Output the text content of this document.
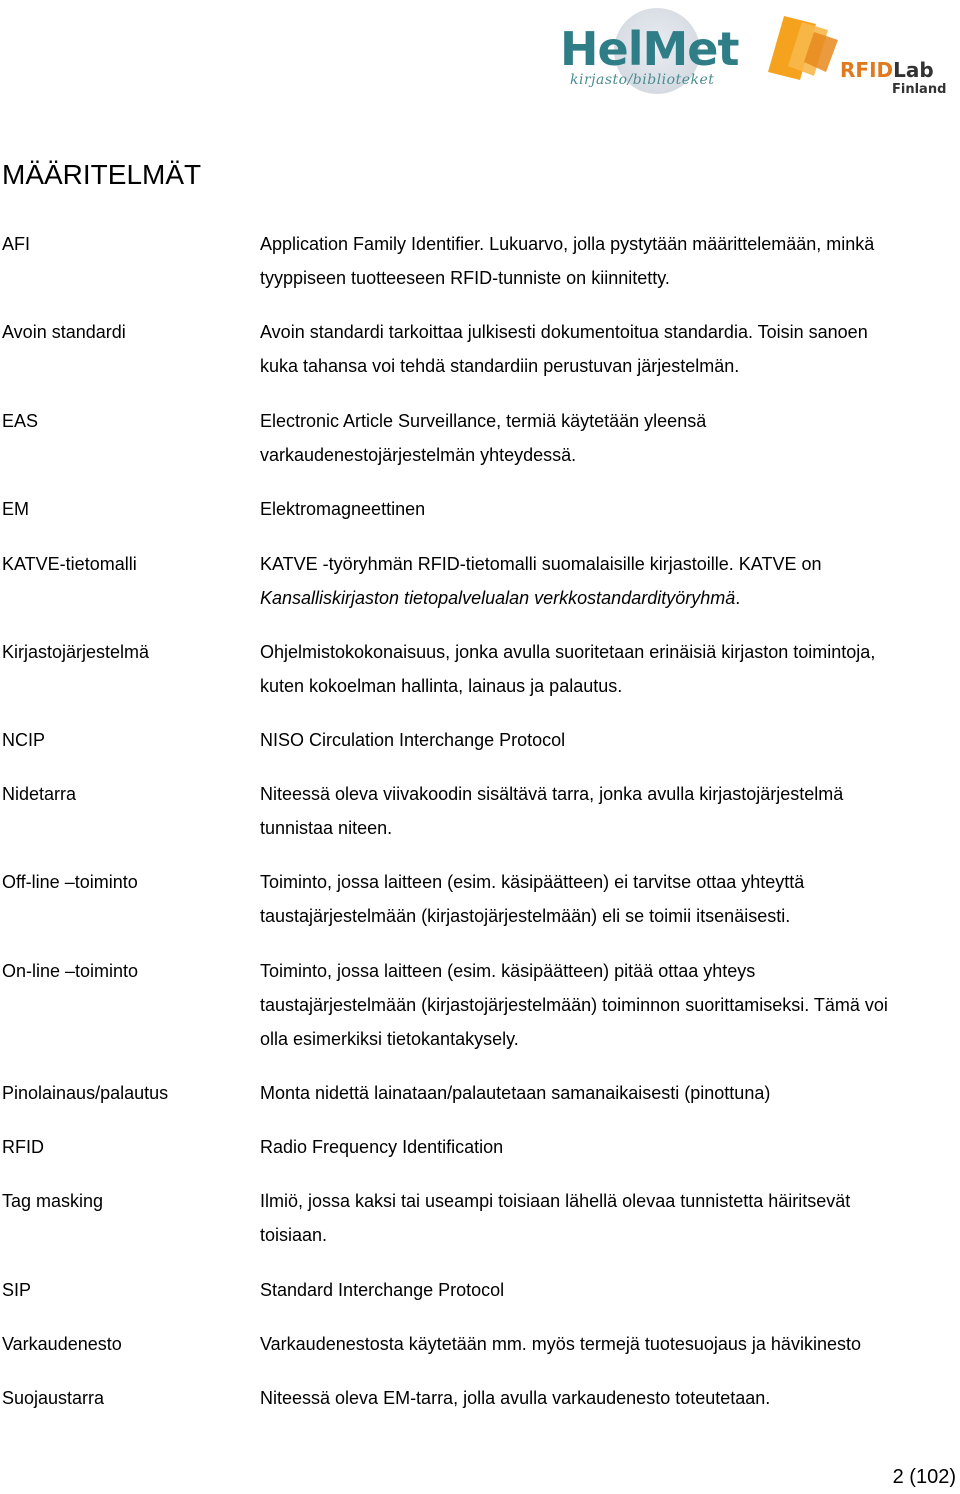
HelMet
kirjasto/biblioteket	RFIDLab
Finland
MÄÄRITELMÄT
AFI	Application Family Identifier. Lukuarvo, jolla pystytään määrittelemään, minkä
tyyppiseen tuotteeseen RFID-tunniste on kiinnitetty.
Avoin standardi	Avoin standardi tarkoittaa julkisesti dokumentoitua standardia. Toisin sanoen
kuka tahansa voi tehdä standardiin perustuvan järjestelmän.
EAS	Electronic Article Surveillance, termiä käytetään yleensä
varkaudenestojärjestelmän yhteydessä.
EM	Elektromagneettinen
KATVE-tietomalli	KATVE -työryhmän RFID-tietomalli suomalaisille kirjastoille. KATVE on
Kansalliskirjaston tietopalvelualan verkkostandardityöryhmä.
Kirjastojärjestelmä	Ohjelmistokokonaisuus, jonka avulla suoritetaan erinäisiä kirjaston toimintoja,
kuten kokoelman hallinta, lainaus ja palautus.
NCIP	NISO Circulation Interchange Protocol
Nidetarra	Niteessä oleva viivakoodin sisältävä tarra, jonka avulla kirjastojärjestelmä
tunnistaa niteen.
Off-line –toiminto	Toiminto, jossa laitteen (esim. käsipäätteen) ei tarvitse ottaa yhteyttä
taustajärjestelmään (kirjastojärjestelmään) eli se toimii itsenäisesti.
On-line –toiminto	Toiminto, jossa laitteen (esim. käsipäätteen) pitää ottaa yhteys
taustajärjestelmään (kirjastojärjestelmään) toiminnon suorittamiseksi. Tämä voi
olla esimerkiksi tietokantakysely.
Pinolainaus/palautus	Monta nidettä lainataan/palautetaan samanaikaisesti (pinottuna)
RFID	Radio Frequency Identification
Tag masking	Ilmiö, jossa kaksi tai useampi toisiaan lähellä olevaa tunnistetta häiritsevät
toisiaan.
SIP	Standard Interchange Protocol
Varkaudenesto	Varkaudenestosta käytetään mm. myös termejä tuotesuojaus ja hävikinesto
Suojaustarra	Niteessä oleva EM-tarra, jolla avulla varkaudenesto toteutetaan.
2 (102)
